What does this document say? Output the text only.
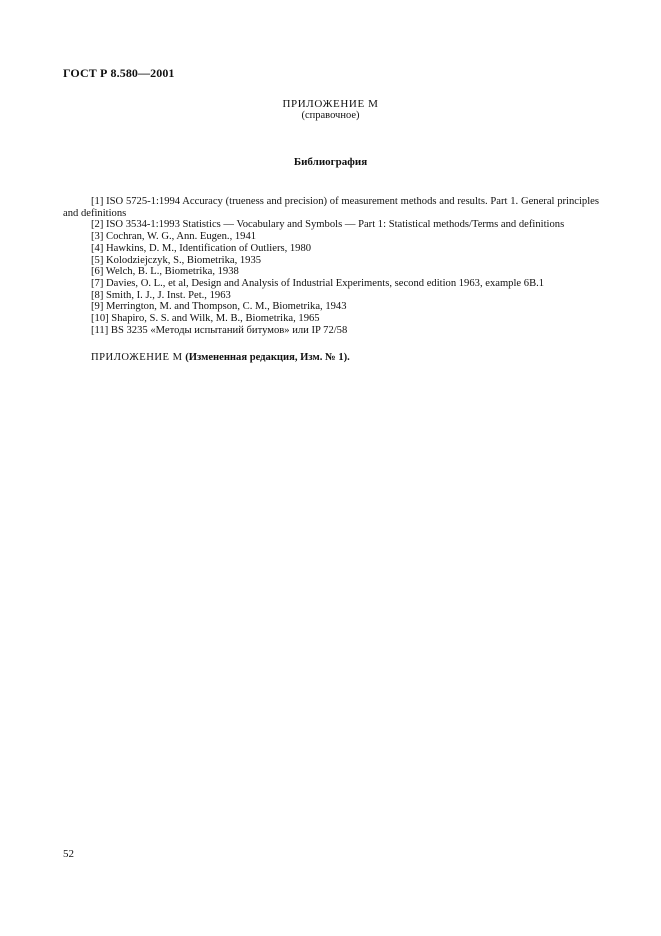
ГОСТ Р 8.580—2001
ПРИЛОЖЕНИЕ М
(справочное)
Библиография
[1] ISO 5725-1:1994 Accuracy (trueness and precision) of measurement methods and results. Part 1. General principles and definitions
[2] ISO 3534-1:1993 Statistics — Vocabulary and Symbols — Part 1: Statistical methods/Terms and definitions
[3] Cochran, W. G., Ann. Eugen., 1941
[4] Hawkins, D. M., Identification of Outliers, 1980
[5] Kolodziejczyk, S., Biometrika, 1935
[6] Welch, B. L., Biometrika, 1938
[7] Davies, O. L., et al, Design and Analysis of Industrial Experiments, second edition 1963, example 6B.1
[8] Smith, I. J., J. Inst. Pet., 1963
[9] Merrington, M. and Thompson, C. M., Biometrika, 1943
[10] Shapiro, S. S. and Wilk, M. B., Biometrika, 1965
[11] BS 3235 «Методы испытаний битумов» или IP 72/58
ПРИЛОЖЕНИЕ М (Измененная редакция, Изм. № 1).
52
